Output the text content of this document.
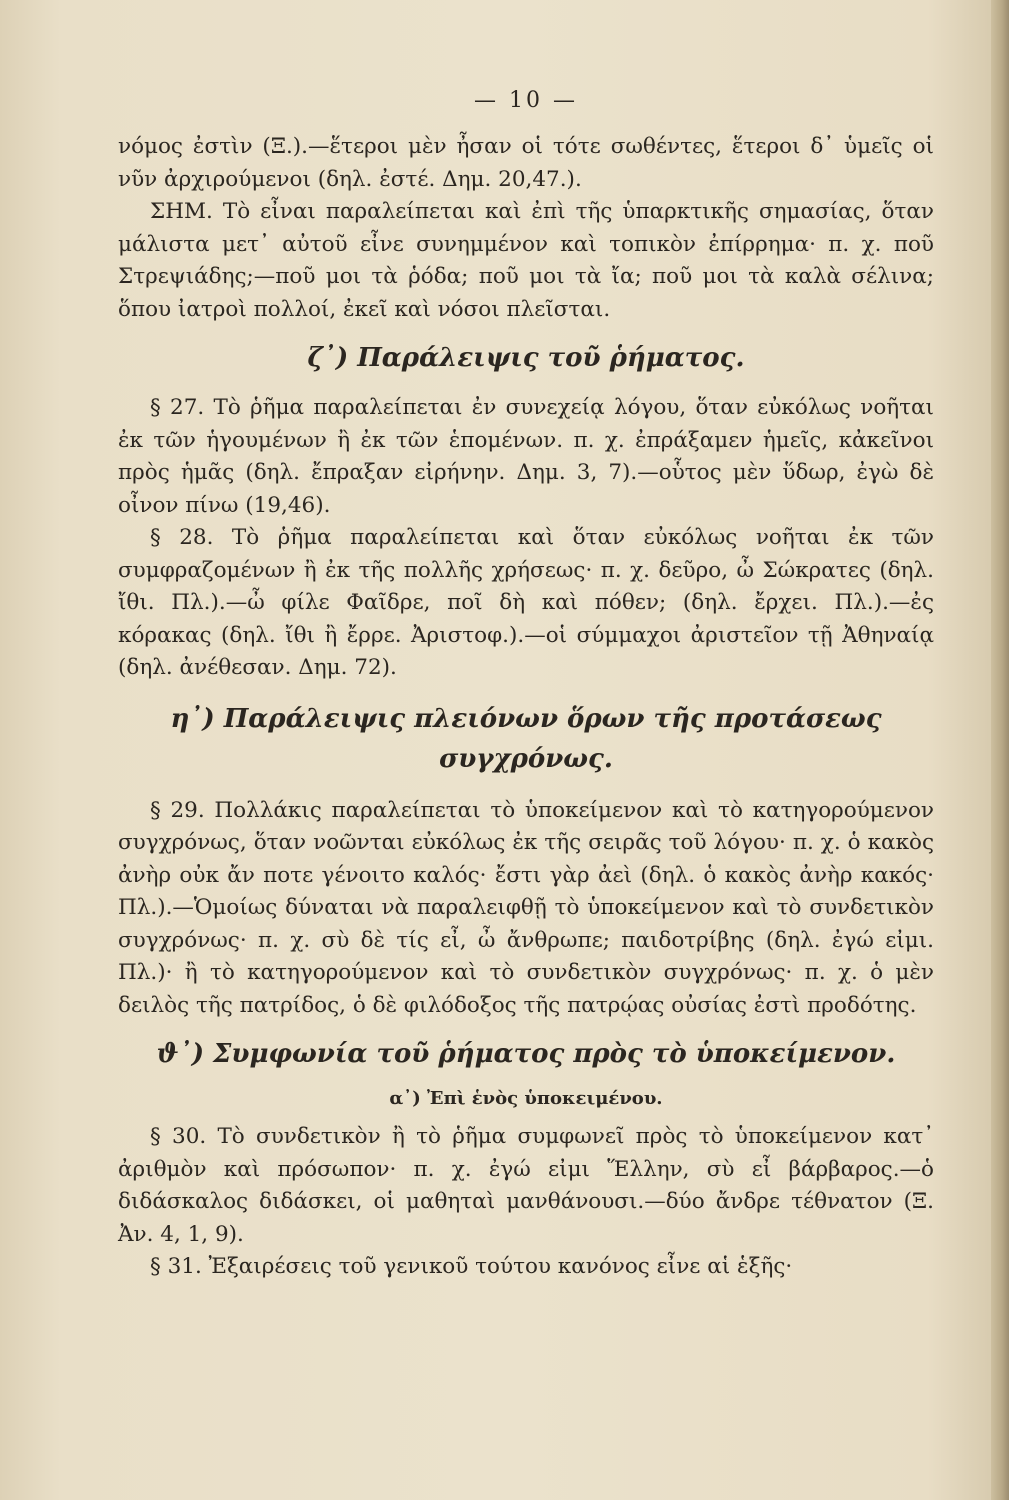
— 10 —

νόμος ἐστὶν (Ξ.).—ἕτεροι μὲν ἦσαν οἱ τότε σωθέντες, ἕτεροι δ᾽ ὑμεῖς οἱ νῦν ἀρχιρούμενοι (δηλ. ἐστέ. Δημ. 20,47.).

ΣΗΜ. Τὸ εἶναι παραλείπεται καὶ ἐπὶ τῆς ὑπαρκτικῆς σημασίας, ὅταν μάλιστα μετ᾽ αὐτοῦ εἶνε συνημμένον καὶ τοπικὸν ἐπίρρημα· π. χ. ποῦ Στρεψιάδης;—ποῦ μοι τὰ ῥόδα; ποῦ μοι τὰ ἴα; ποῦ μοι τὰ καλὰ σέλινα; ὅπου ἰατροὶ πολλοί, ἐκεῖ καὶ νόσοι πλεῖσται.

ζ᾽) Παράλειψις τοῦ ῥήματος.

§ 27. Τὸ ῥῆμα παραλείπεται ἐν συνεχείᾳ λόγου, ὅταν εὐκόλως νοῆται ἐκ τῶν ἡγουμένων ἢ ἐκ τῶν ἑπομένων. π. χ. ἐπράξαμεν ἡμεῖς, κἀκεῖνοι πρὸς ἡμᾶς (δηλ. ἔπραξαν εἰρήνην. Δημ. 3, 7).—οὗτος μὲν ὕδωρ, ἐγὼ δὲ οἶνον πίνω (19,46).

§ 28. Τὸ ῥῆμα παραλείπεται καὶ ὅταν εὐκόλως νοῆται ἐκ τῶν συμφραζομένων ἢ ἐκ τῆς πολλῆς χρήσεως· π. χ. δεῦρο, ὦ Σώκρατες (δηλ. ἴθι. Πλ.).—ὦ φίλε Φαῖδρε, ποῖ δὴ καὶ πόθεν; (δηλ. ἔρχει. Πλ.).—ἐς κόρακας (δηλ. ἴθι ἢ ἔρρε. Ἀριστοφ.).—οἱ σύμμαχοι ἀριστεῖον τῇ Ἀθηναίᾳ (δηλ. ἀνέθεσαν. Δημ. 72).

η᾽) Παράλειψις πλειόνων ὅρων τῆς προτάσεως συγχρόνως.

§ 29. Πολλάκις παραλείπεται τὸ ὑποκείμενον καὶ τὸ κατηγορούμενον συγχρόνως, ὅταν νοῶνται εὐκόλως ἐκ τῆς σειρᾶς τοῦ λόγου· π. χ. ὁ κακὸς ἀνὴρ οὐκ ἄν ποτε γένοιτο καλός· ἔστι γὰρ ἀεὶ (δηλ. ὁ κακὸς ἀνὴρ κακός· Πλ.).—Ὁμοίως δύναται νὰ παραλειφθῇ τὸ ὑποκείμενον καὶ τὸ συνδετικὸν συγχρόνως· π. χ. σὺ δὲ τίς εἶ, ὦ ἄνθρωπε; παιδοτρίβης (δηλ. ἐγώ εἰμι. Πλ.)· ἢ τὸ κατηγορούμενον καὶ τὸ συνδετικὸν συγχρόνως· π. χ. ὁ μὲν δειλὸς τῆς πατρίδος, ὁ δὲ φιλόδοξος τῆς πατρῴας οὐσίας ἐστὶ προδότης.

ϑ᾽) Συμφωνία τοῦ ῥήματος πρὸς τὸ ὑποκείμενον.
α᾽) Ἐπὶ ἑνὸς ὑποκειμένου.

§ 30. Τὸ συνδετικὸν ἢ τὸ ῥῆμα συμφωνεῖ πρὸς τὸ ὑποκείμενον κατ᾽ ἀριθμὸν καὶ πρόσωπον· π. χ. ἐγώ εἰμι Ἕλλην, σὺ εἶ βάρβαρος.—ὁ διδάσκαλος διδάσκει, οἱ μαθηταὶ μανθάνουσι.—δύο ἄνδρε τέθνατον (Ξ. Ἀν. 4, 1, 9).

§ 31. Ἐξαιρέσεις τοῦ γενικοῦ τούτου κανόνος εἶνε αἱ ἑξῆς·
